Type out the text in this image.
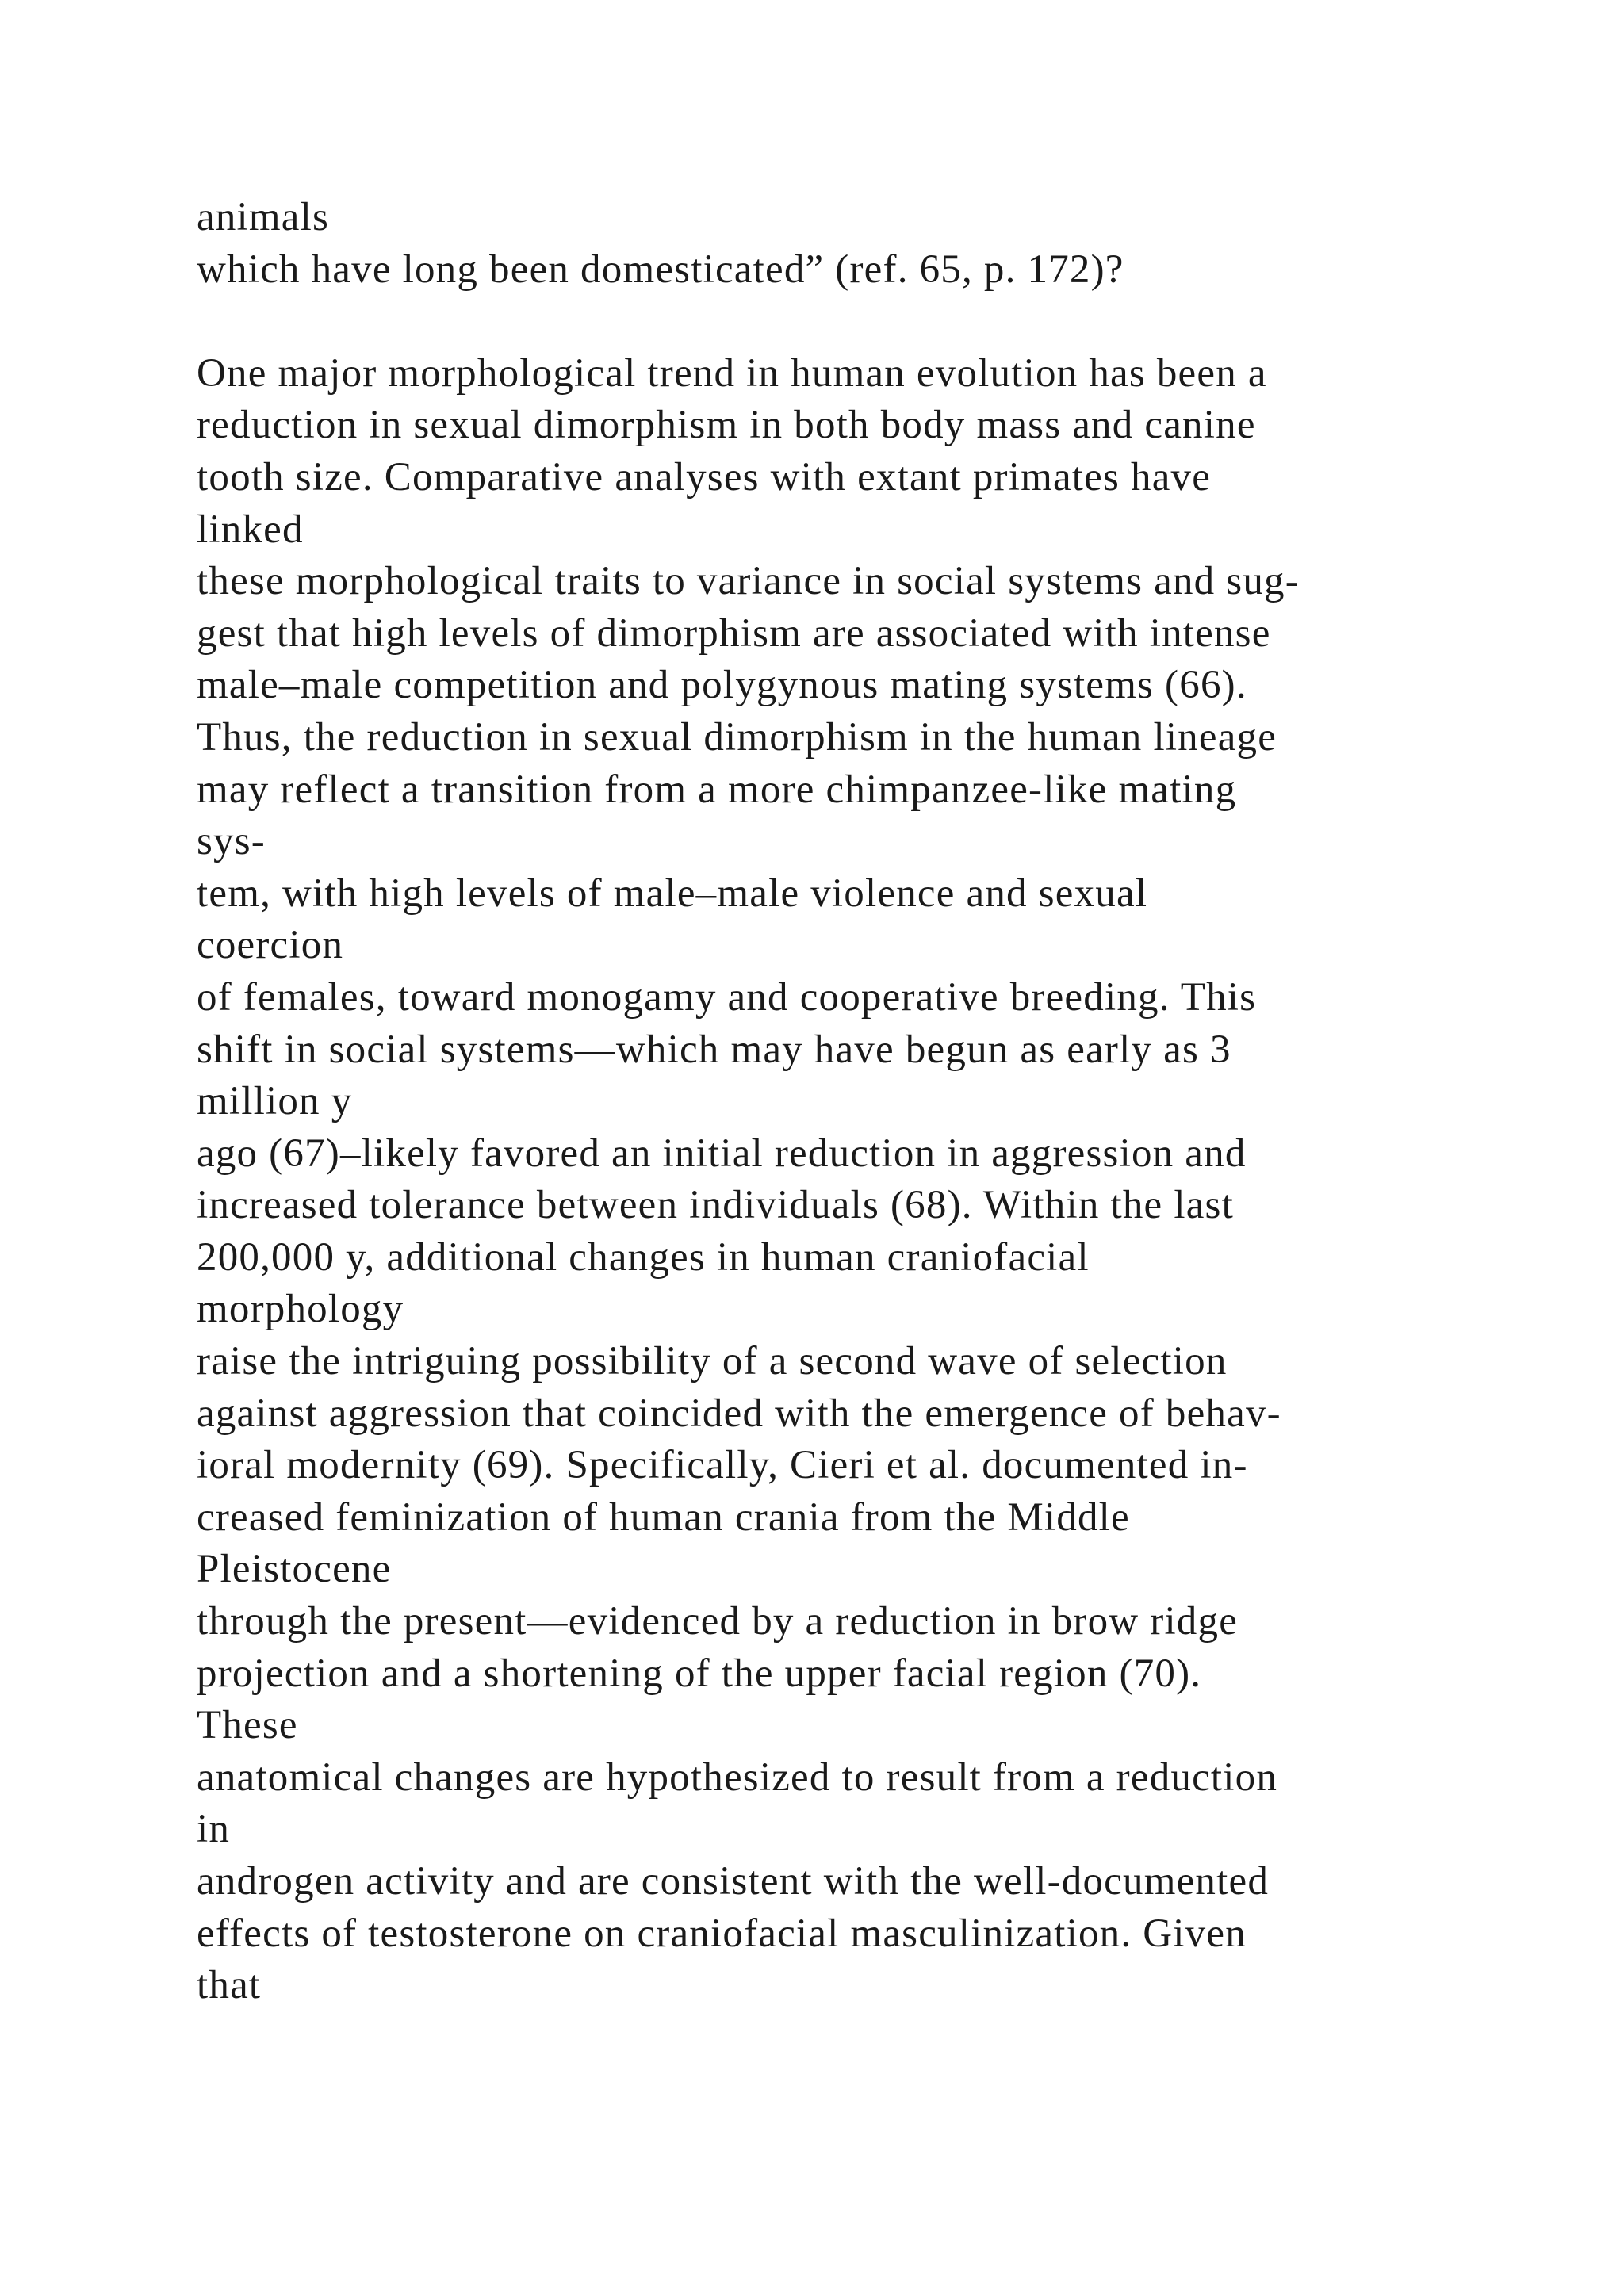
animals
which have long been domesticated” (ref. 65, p. 172)?
One major morphological trend in human evolution has been a
reduction in sexual dimorphism in both body mass and canine
tooth size. Comparative analyses with extant primates have
linked
these morphological traits to variance in social systems and sug-
gest that high levels of dimorphism are associated with intense
male–male competition and polygynous mating systems (66).
Thus, the reduction in sexual dimorphism in the human lineage
may reflect a transition from a more chimpanzee-like mating
sys-
tem, with high levels of male–male violence and sexual
coercion
of females, toward monogamy and cooperative breeding. This
shift in social systems—which may have begun as early as 3
million y
ago (67)–likely favored an initial reduction in aggression and
increased tolerance between individuals (68). Within the last
200,000 y, additional changes in human craniofacial
morphology
raise the intriguing possibility of a second wave of selection
against aggression that coincided with the emergence of behav-
ioral modernity (69). Specifically, Cieri et al. documented in-
creased feminization of human crania from the Middle
Pleistocene
through the present—evidenced by a reduction in brow ridge
projection and a shortening of the upper facial region (70).
These
anatomical changes are hypothesized to result from a reduction
in
androgen activity and are consistent with the well-documented
effects of testosterone on craniofacial masculinization. Given
that
